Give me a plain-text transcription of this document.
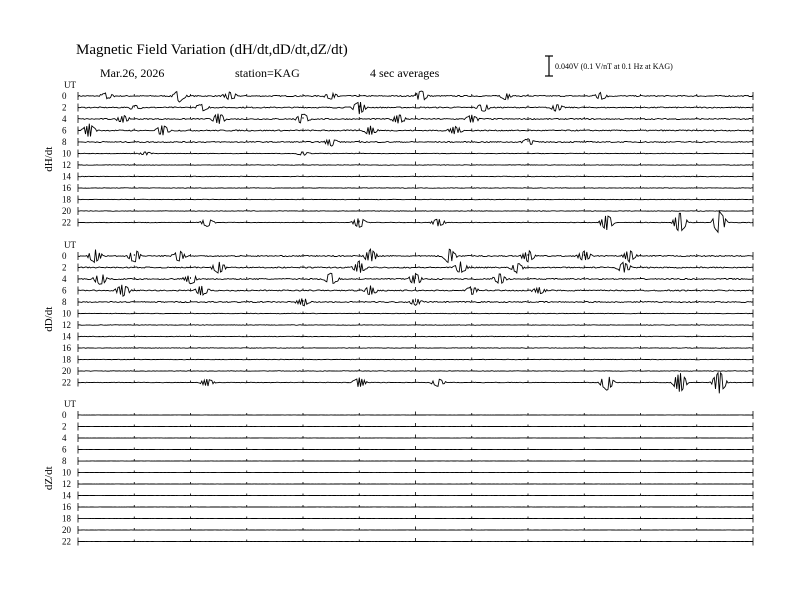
Magnetic Field Variation (dH/dt,dD/dt,dZ/dt)
Mar.26, 2026	station=KAG	4 sec averages	0.040V (0.1 V/nT at 0.1 Hz at KAG)
UT
dH/dt
0
2
4
6
8
10
12
14
16
18
20
22
UT
dD/dt
0
2
4
6
8
10
12
14
16
18
20
22
UT
dZ/dt
0
2
4
6
8
10
12
14
16
18
20
22
